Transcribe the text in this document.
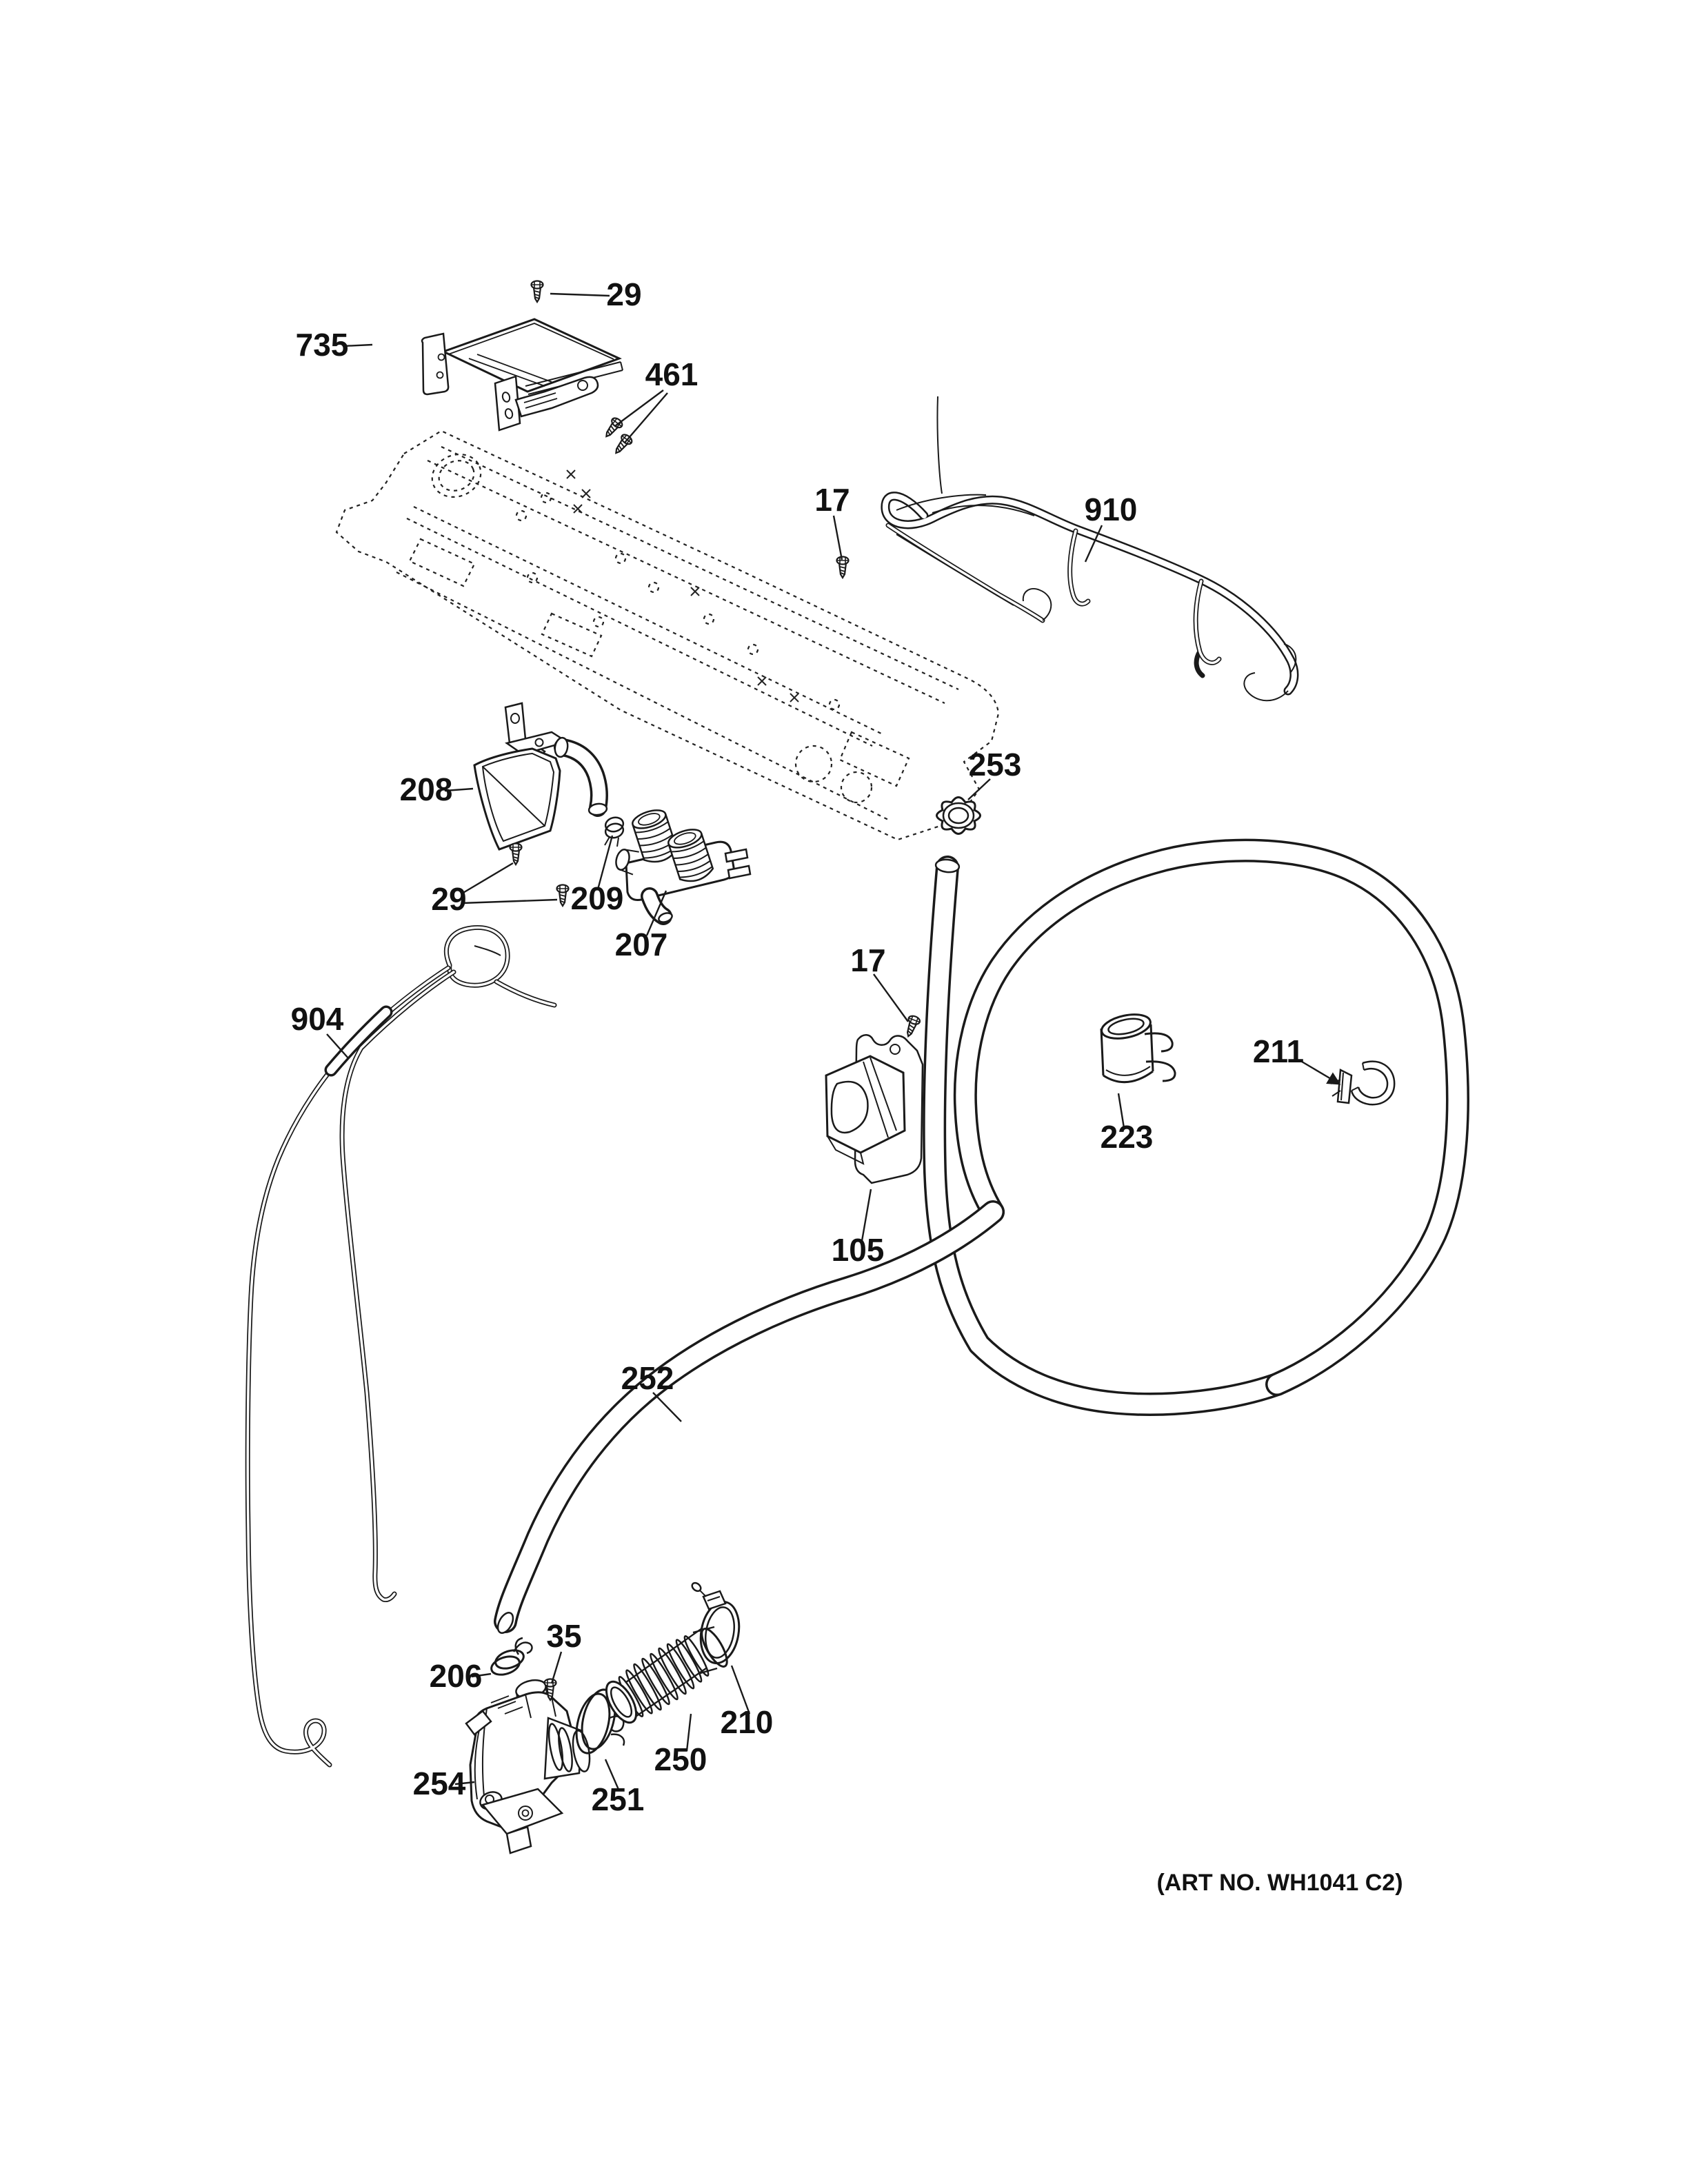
29
735
461
17	910
208
29	209
207	17
253
904
223
211
105
252
206
35
254	251
250
210
(ART NO. WH1041 C2)
